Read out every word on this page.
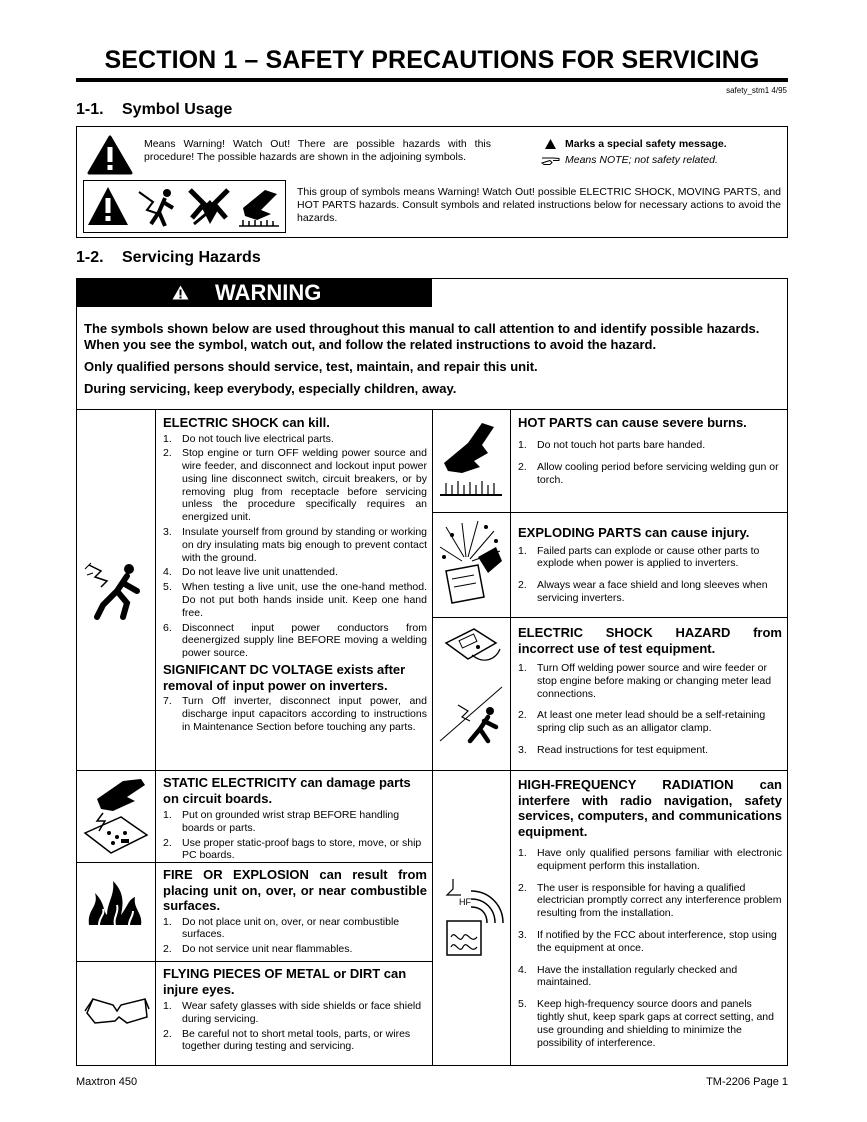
SECTION 1 – SAFETY PRECAUTIONS FOR SERVICING
safety_stm1 4/95
1-1. Symbol Usage
Means Warning! Watch Out! There are possible hazards with this procedure! The possible hazards are shown in the adjoining symbols.
Marks a special safety message.
Means NOTE; not safety related.
This group of symbols means Warning! Watch Out! possible ELECTRIC SHOCK, MOVING PARTS, and HOT PARTS hazards. Consult symbols and related instructions below for necessary actions to avoid the hazards.
1-2. Servicing Hazards
WARNING

The symbols shown below are used throughout this manual to call attention to and identify possible hazards. When you see the symbol, watch out, and follow the related instructions to avoid the hazard.

Only qualified persons should service, test, maintain, and repair this unit.

During servicing, keep everybody, especially children, away.

HF
ELECTRIC SHOCK can kill.
1. Do not touch live electrical parts.
2. Stop engine or turn OFF welding power source and wire feeder, and disconnect and lockout input power using line disconnect switch, circuit breakers, or by removing plug from receptacle before servicing unless the procedure specifically requires an energized unit.
3. Insulate yourself from ground by standing or working on dry insulating mats big enough to prevent contact with the ground.
4. Do not leave live unit unattended.
5. When testing a live unit, use the one-hand method. Do not put both hands inside unit. Keep one hand free.
6. Disconnect input power conductors from deenergized supply line BEFORE moving a welding power source.
SIGNIFICANT DC VOLTAGE exists after removal of input power on inverters.
7. Turn Off inverter, disconnect input power, and discharge input capacitors according to instructions in Maintenance Section before touching any parts.
STATIC ELECTRICITY can damage parts on circuit boards.
1. Put on grounded wrist strap BEFORE handling boards or parts.
2. Use proper static-proof bags to store, move, or ship PC boards.
FIRE OR EXPLOSION can result from placing unit on, over, or near combustible surfaces.
1. Do not place unit on, over, or near combustible surfaces.
2. Do not service unit near flammables.
FLYING PIECES OF METAL or DIRT can injure eyes.
1. Wear safety glasses with side shields or face shield during servicing.
2. Be careful not to short metal tools, parts, or wires together during testing and servicing.
HOT PARTS can cause severe burns.
1. Do not touch hot parts bare handed.
2. Allow cooling period before servicing welding gun or torch.
EXPLODING PARTS can cause injury.
1. Failed parts can explode or cause other parts to explode when power is applied to inverters.
2. Always wear a face shield and long sleeves when servicing inverters.
ELECTRIC SHOCK HAZARD from incorrect use of test equipment.
1. Turn Off welding power source and wire feeder or stop engine before making or changing meter lead connections.
2. At least one meter lead should be a self-retaining spring clip such as an alligator clamp.
3. Read instructions for test equipment.
HIGH-FREQUENCY RADIATION can interfere with radio navigation, safety services, computers, and communications equipment.
1. Have only qualified persons familiar with electronic equipment perform this installation.
2. The user is responsible for having a qualified electrician promptly correct any interference problem resulting from the installation.
3. If notified by the FCC about interference, stop using the equipment at once.
4. Have the installation regularly checked and maintained.
5. Keep high-frequency source doors and panels tightly shut, keep spark gaps at correct setting, and use grounding and shielding to minimize the possibility of interference.
Maxtron 450	TM-2206 Page 1
